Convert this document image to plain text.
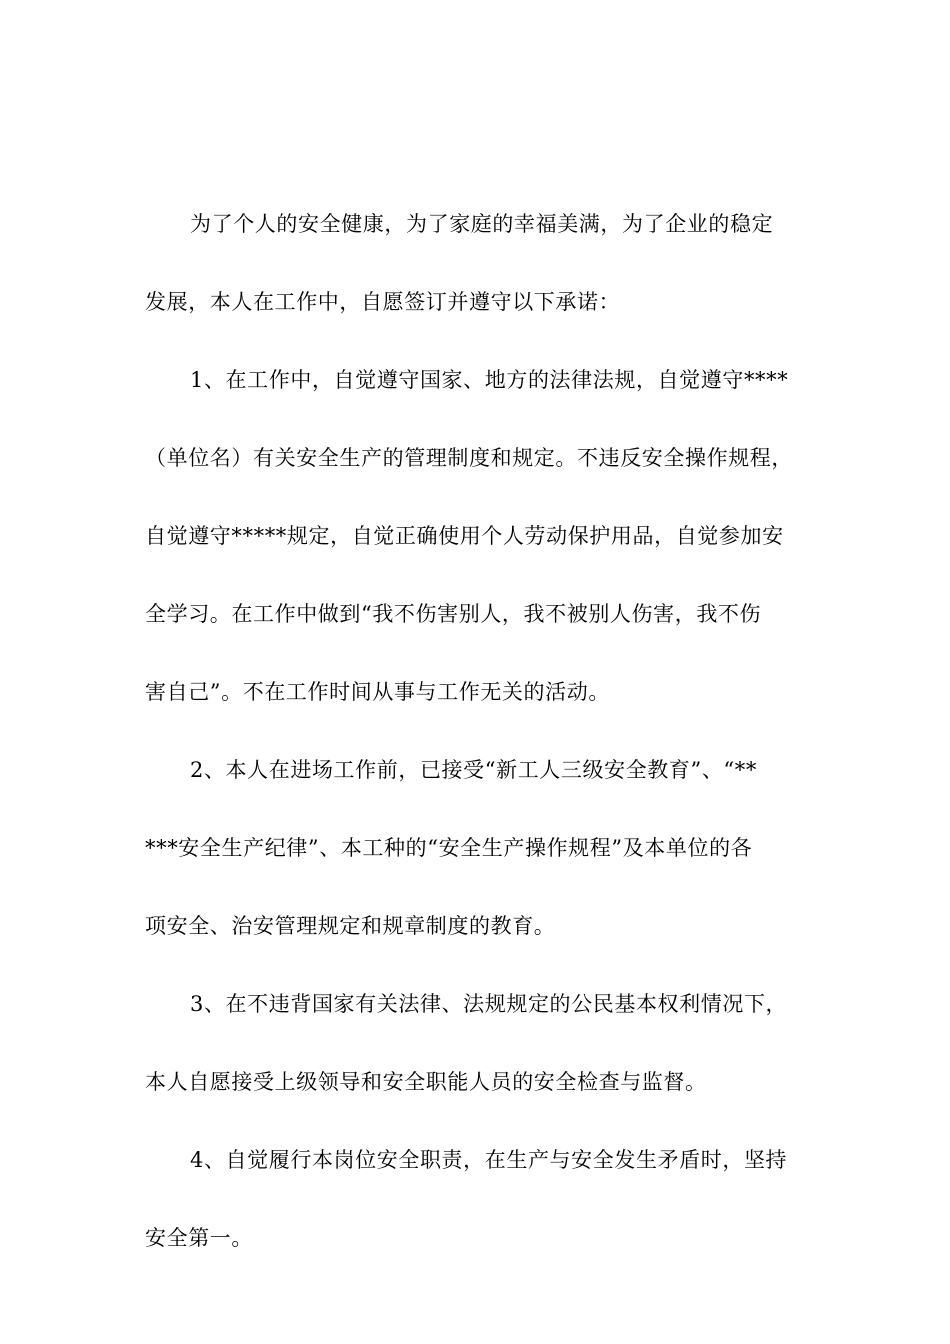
为了个人的安全健康，为了家庭的幸福美满，为了企业的稳定
发展，本人在工作中，自愿签订并遵守以下承诺：
1、在工作中，自觉遵守国家、地方的法律法规，自觉遵守****
（单位名）有关安全生产的管理制度和规定。不违反安全操作规程，
自觉遵守*****规定，自觉正确使用个人劳动保护用品，自觉参加安
全学习。在工作中做到“我不伤害别人，我不被别人伤害，我不伤
害自己”。不在工作时间从事与工作无关的活动。
2、本人在进场工作前，已接受“新工人三级安全教育”、“**
***安全生产纪律”、本工种的“安全生产操作规程”及本单位的各
项安全、治安管理规定和规章制度的教育。
3、在不违背国家有关法律、法规规定的公民基本权利情况下，
本人自愿接受上级领导和安全职能人员的安全检查与监督。
4、自觉履行本岗位安全职责，在生产与安全发生矛盾时，坚持
安全第一。
